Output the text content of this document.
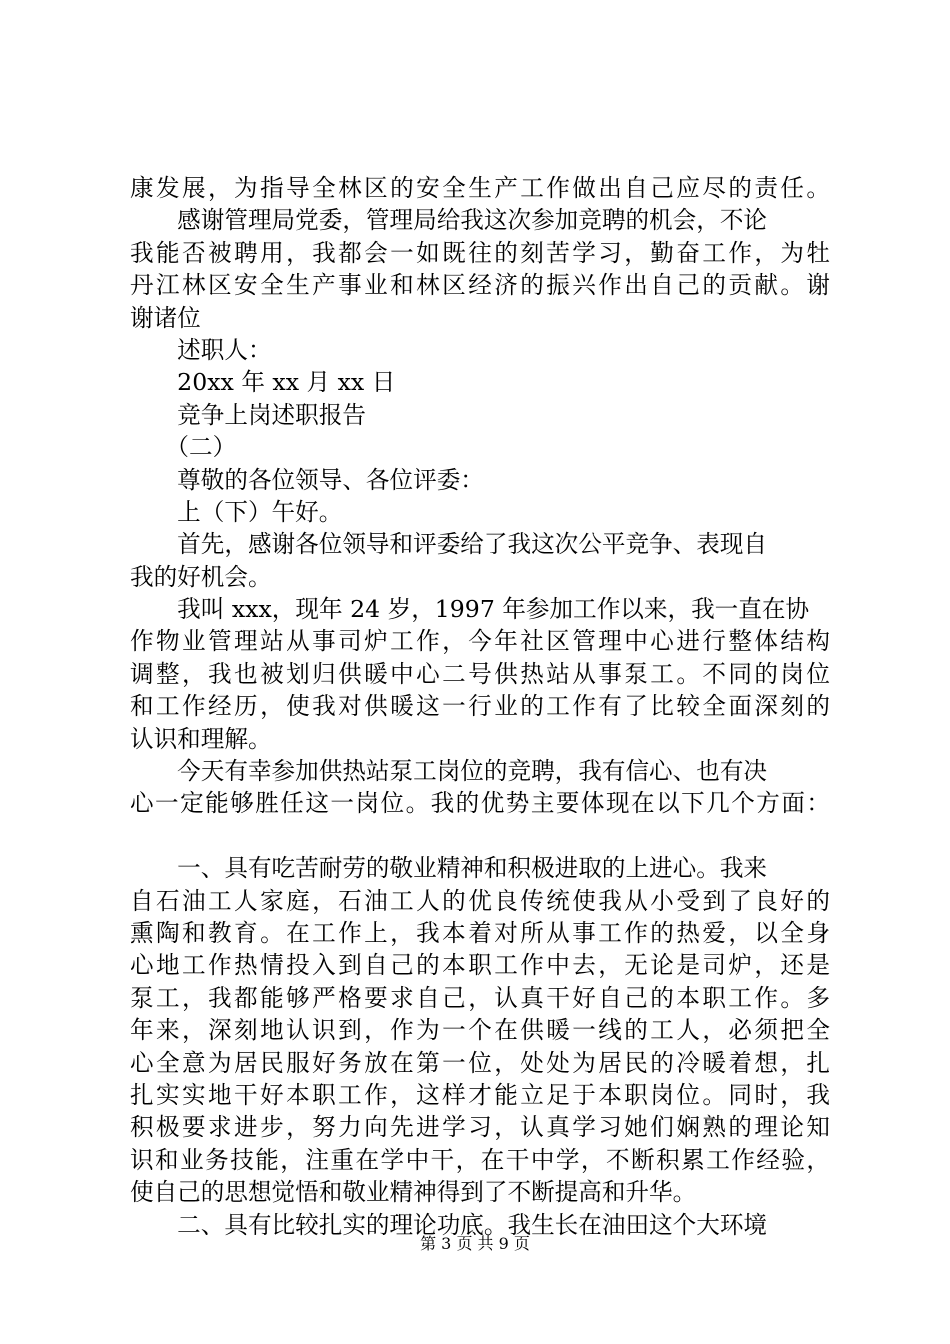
康发展，为指导全林区的安全生产工作做出自己应尽的责任。
　　感谢管理局党委，管理局给我这次参加竞聘的机会，不论
我能否被聘用，我都会一如既往的刻苦学习，勤奋工作，为牡
丹江林区安全生产事业和林区经济的振兴作出自己的贡献。谢
谢诸位
　　述职人：
　　20xx 年 xx 月 xx 日
　　竞争上岗述职报告
　　（二）
　　尊敬的各位领导、各位评委：
　　上（下）午好。
　　首先，感谢各位领导和评委给了我这次公平竞争、表现自
我的好机会。
　　我叫 xxx，现年 24 岁，1997 年参加工作以来，我一直在协
作物业管理站从事司炉工作，今年社区管理中心进行整体结构
调整，我也被划归供暖中心二号供热站从事泵工。不同的岗位
和工作经历，使我对供暖这一行业的工作有了比较全面深刻的
认识和理解。
　　今天有幸参加供热站泵工岗位的竞聘，我有信心、也有决
心一定能够胜任这一岗位。我的优势主要体现在以下几个方面：
　　一、具有吃苦耐劳的敬业精神和积极进取的上进心。我来
自石油工人家庭，石油工人的优良传统使我从小受到了良好的
熏陶和教育。在工作上，我本着对所从事工作的热爱，以全身
心地工作热情投入到自己的本职工作中去，无论是司炉，还是
泵工，我都能够严格要求自己，认真干好自己的本职工作。多
年来，深刻地认识到，作为一个在供暖一线的工人，必须把全
心全意为居民服好务放在第一位，处处为居民的冷暖着想，扎
扎实实地干好本职工作，这样才能立足于本职岗位。同时，我
积极要求进步，努力向先进学习，认真学习她们娴熟的理论知
识和业务技能，注重在学中干，在干中学，不断积累工作经验，
使自己的思想觉悟和敬业精神得到了不断提高和升华。
　　二、具有比较扎实的理论功底。我生长在油田这个大环境
第 3 页 共 9 页
